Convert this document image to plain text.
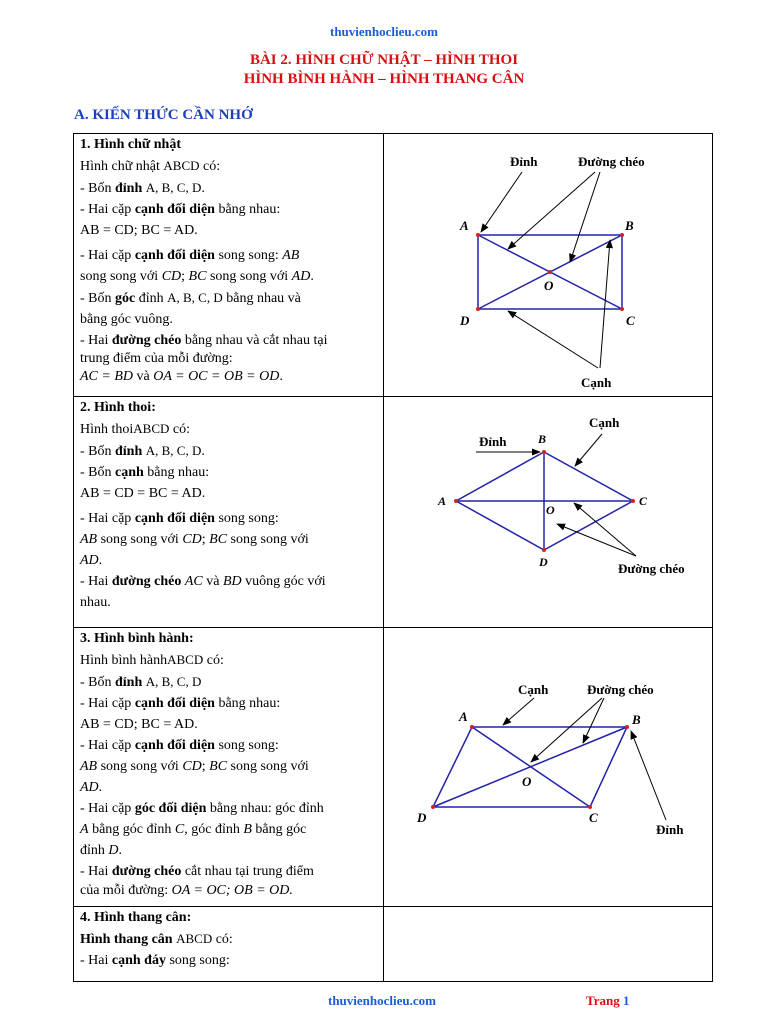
thuvienhoclieu.com
BÀI 2. HÌNH CHỮ NHẬT – HÌNH THOI
HÌNH BÌNH HÀNH – HÌNH THANG CÂN
A. KIẾN THỨC CẦN NHỚ

1. Hình chữ nhật

Hình chữ nhật ABCD có:

- Bốn đỉnh A, B, C, D.

- Hai cặp cạnh đối diện bằng nhau:

AB = CD; BC = AD.

- Hai cặp cạnh đối diện song song: AB

song song với CD; BC song song với AD.

- Bốn góc đỉnh A, B, C, D bằng nhau và

bằng góc vuông.

- Hai đường chéo bằng nhau và cắt nhau tại

trung điểm của mỗi đường:

AC = BD và OA = OC = OB = OD.

2. Hình thoi:

Hình thoiABCD có:

- Bốn đỉnh A, B, C, D.

- Bốn cạnh bằng nhau:

AB = CD = BC = AD.

- Hai cặp cạnh đối diện song song:

AB song song với CD; BC song song với

AD.

- Hai đường chéo AC và BD vuông góc với

nhau.

3. Hình bình hành:

Hình bình hànhABCD có:

- Bốn đỉnh A, B, C, D

- Hai cặp cạnh đối diện bằng nhau:

AB = CD; BC = AD.

- Hai cặp cạnh đối diện song song:

AB song song với CD; BC song song với

AD.

- Hai cặp góc đối diện bằng nhau: góc đỉnh

A bằng góc đỉnh C, góc đỉnh B bằng góc

đỉnh D.

- Hai đường chéo cắt nhau tại trung điểm

của mỗi đường: OA = OC; OB = OD.

4. Hình thang cân:

Hình thang cân ABCD có:

- Hai cạnh đáy song song:

A	B
C
D
O
Đỉnh	Đường chéo
Cạnh
B
A	C
D
O
Đỉnh
Cạnh
Đường chéo
A	B
C
D
O
Cạnh	Đường chéo
Đỉnh
thuvienhoclieu.com	Trang 1
